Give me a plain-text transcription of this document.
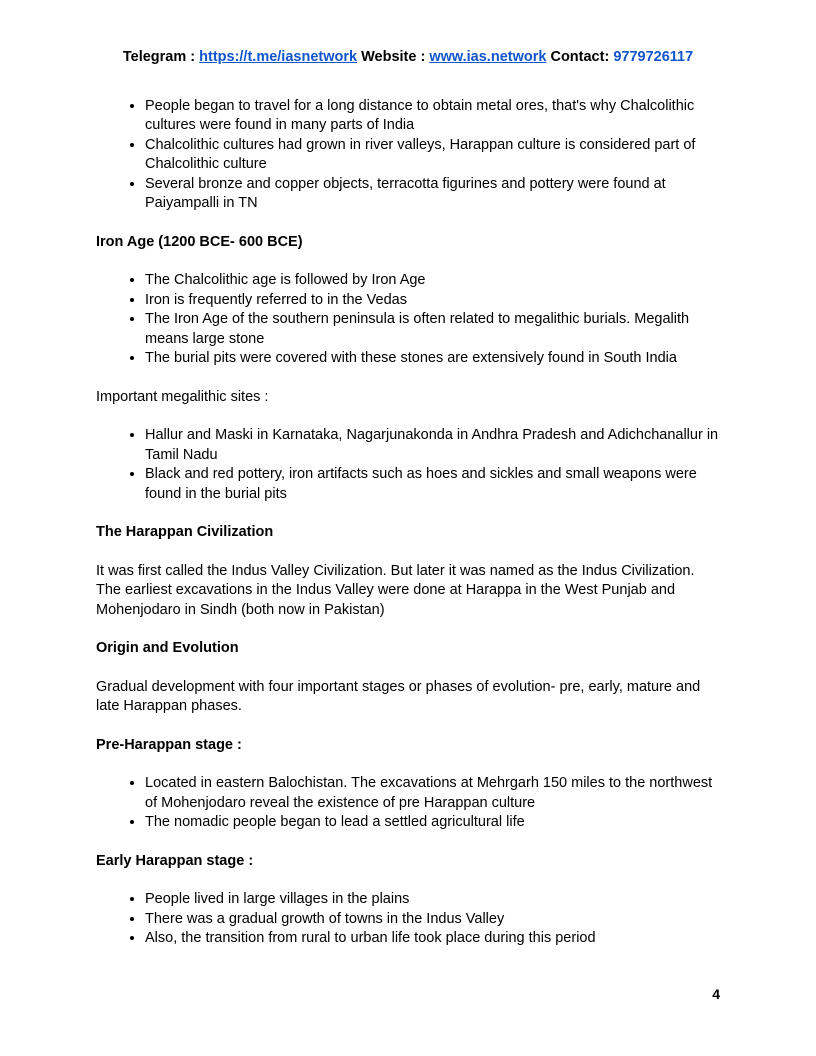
Telegram : https://t.me/iasnetwork Website : www.ias.network Contact: 9779726117
• People began to travel for a long distance to obtain metal ores, that's why Chalcolithic cultures were found in many parts of India
• Chalcolithic cultures had grown in river valleys, Harappan culture is considered part of Chalcolithic culture
• Several bronze and copper objects, terracotta figurines and pottery were found at Paiyampalli in TN
Iron Age (1200 BCE- 600 BCE)
• The Chalcolithic age is followed by Iron Age
• Iron is frequently referred to in the Vedas
• The Iron Age of the southern peninsula is often related to megalithic burials. Megalith means large stone
• The burial pits were covered with these stones are extensively found in South India

Important megalithic sites :

• Hallur and Maski in Karnataka, Nagarjunakonda in Andhra Pradesh and Adichchanallur in Tamil Nadu
• Black and red pottery, iron artifacts such as hoes and sickles and small weapons were found in the burial pits
The Harappan Civilization

It was first called the Indus Valley Civilization. But later it was named as the Indus Civilization. The earliest excavations in the Indus Valley were done at Harappa in the West Punjab and Mohenjodaro in Sindh (both now in Pakistan)

Origin and Evolution

Gradual development with four important stages or phases of evolution- pre, early, mature and late Harappan phases.

Pre-Harappan stage :
• Located in eastern Balochistan. The excavations at Mehrgarh 150 miles to the northwest of Mohenjodaro reveal the existence of pre Harappan culture
• The nomadic people began to lead a settled agricultural life
Early Harappan stage :
• People lived in large villages in the plains
• There was a gradual growth of towns in the Indus Valley
• Also, the transition from rural to urban life took place during this period
4
